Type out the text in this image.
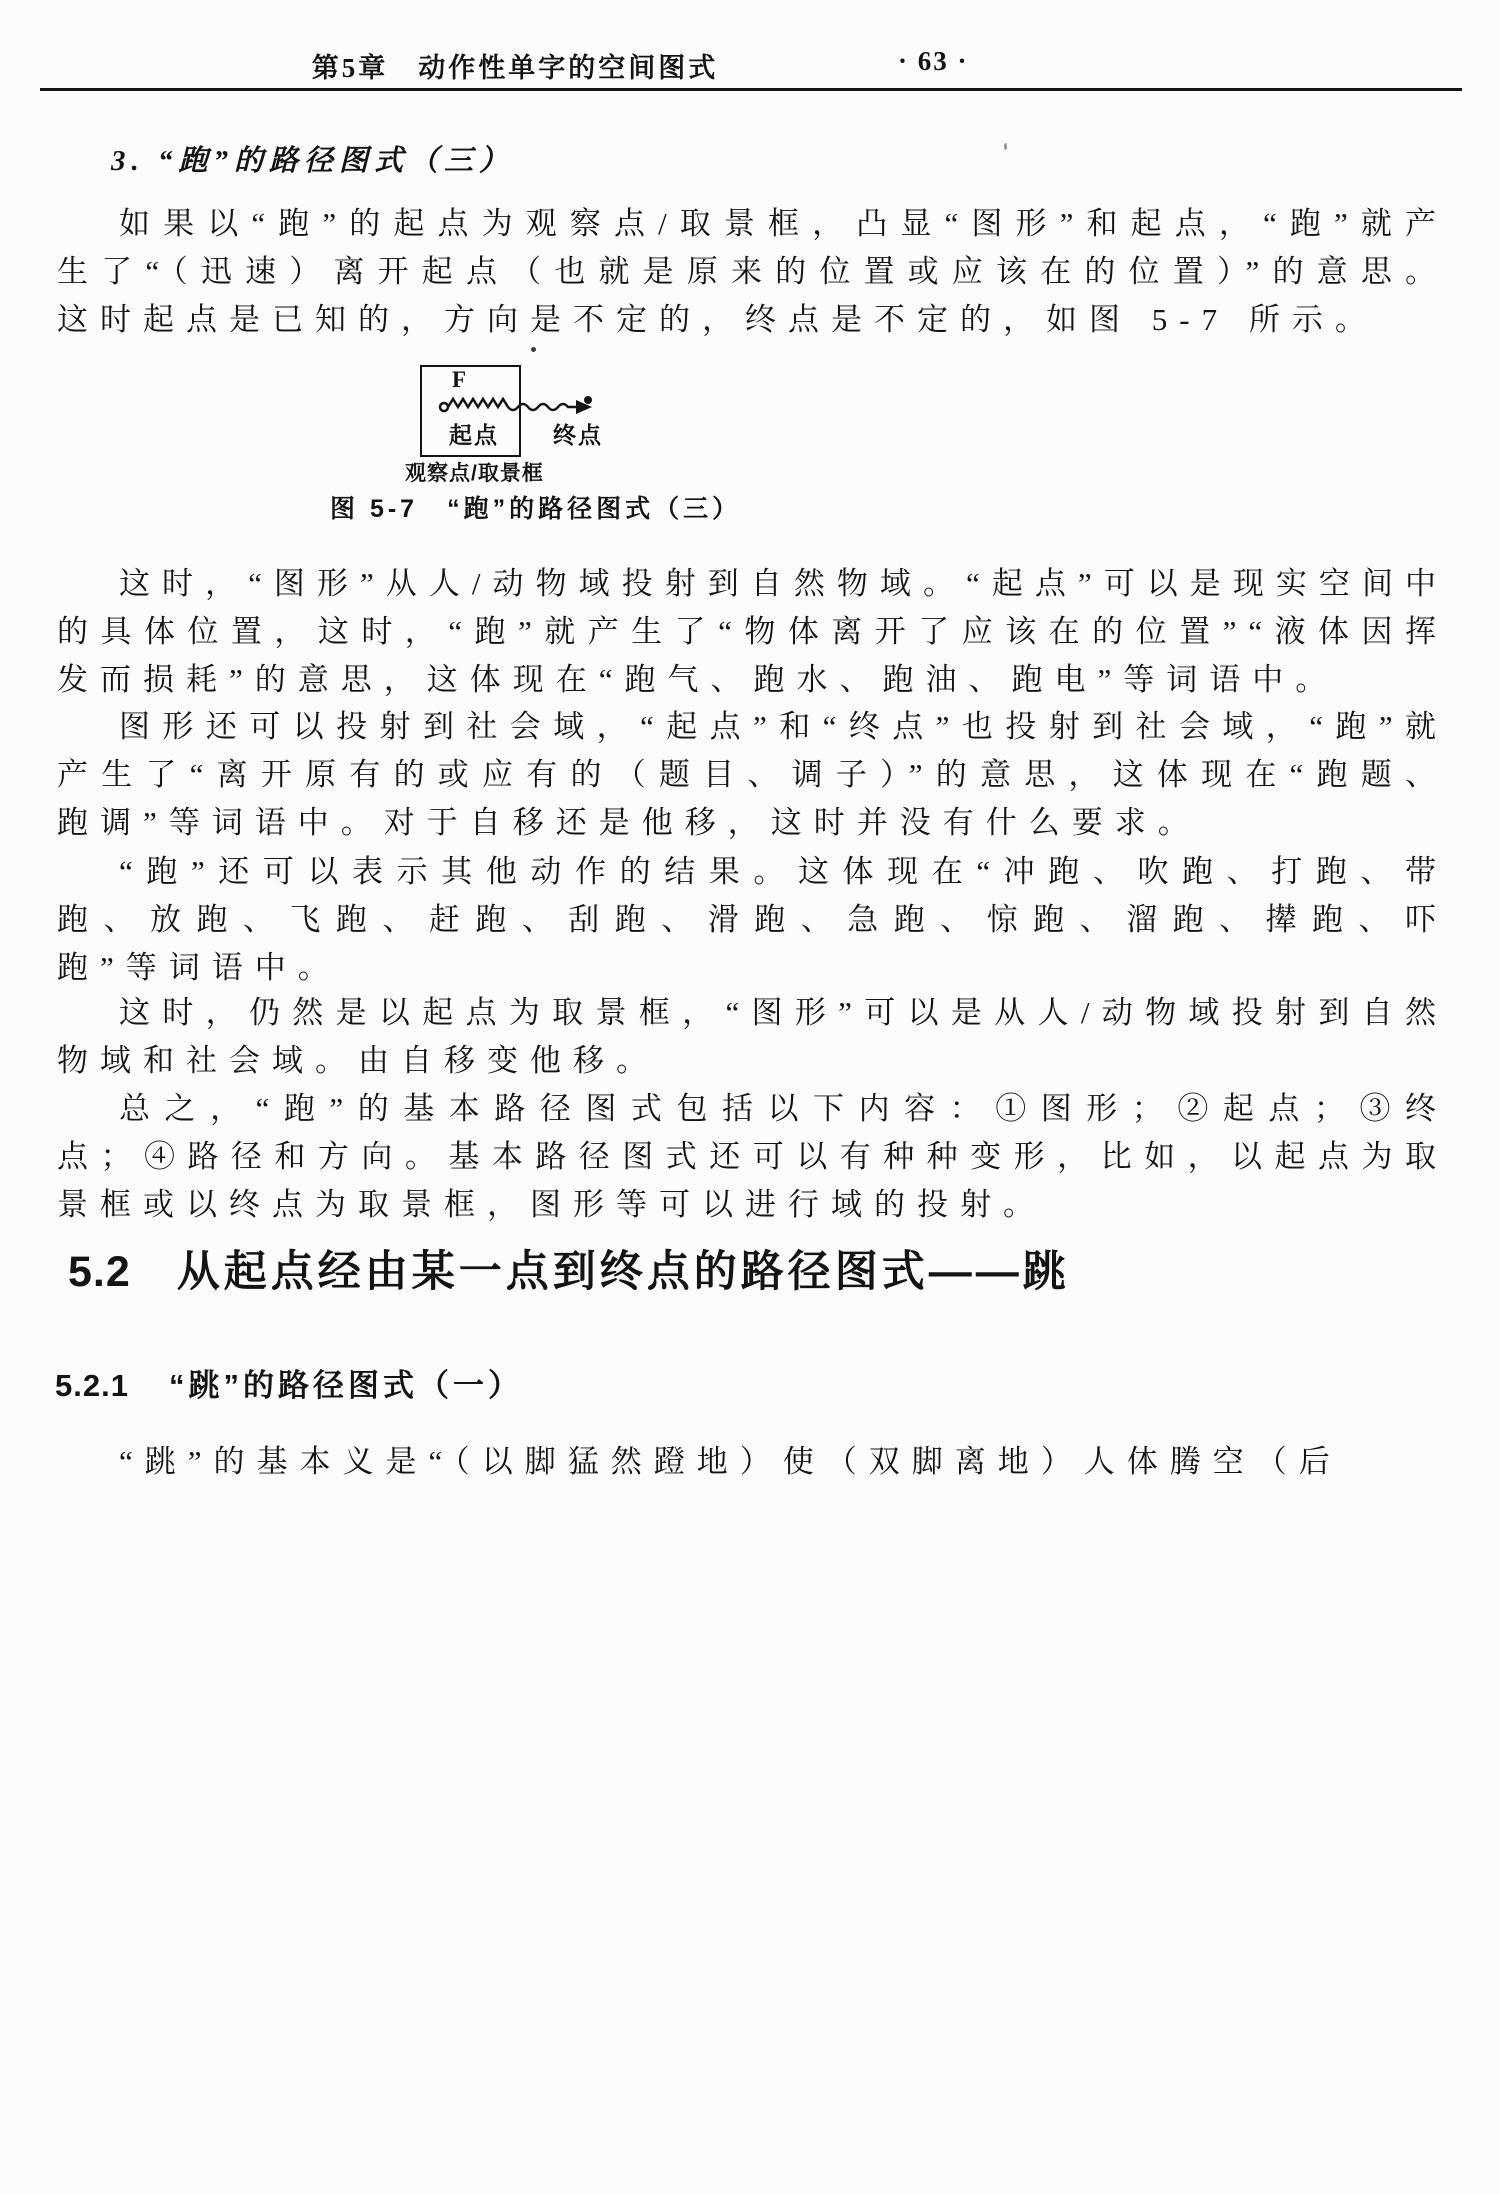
第5章　动作性单字的空间图式	· 63 ·
3. “跑”的路径图式（三）
如果以“跑”的起点为观察点/取景框，凸显“图形”和起点，“跑”就产生了“（迅速）离开起点（也就是原来的位置或应该在的位置）”的意思。这时起点是已知的，方向是不定的，终点是不定的，如图 5-7 所示。
F
起点 终点
观察点/取景框
图 5-7　“跑”的路径图式（三）
这时，“图形”从人/动物域投射到自然物域。“起点”可以是现实空间中的具体位置，这时，“跑”就产生了“物体离开了应该在的位置”“液体因挥发而损耗”的意思，这体现在“跑气、跑水、跑油、跑电”等词语中。
图形还可以投射到社会域，“起点”和“终点”也投射到社会域，“跑”就产生了“离开原有的或应有的（题目、调子）”的意思，这体现在“跑题、跑调”等词语中。对于自移还是他移，这时并没有什么要求。
“跑”还可以表示其他动作的结果。这体现在“冲跑、吹跑、打跑、带跑、放跑、飞跑、赶跑、刮跑、滑跑、急跑、惊跑、溜跑、撵跑、吓跑”等词语中。
这时，仍然是以起点为取景框，“图形”可以是从人/动物域投射到自然物域和社会域。由自移变他移。
总之，“跑”的基本路径图式包括以下内容：①图形；②起点；③终点；④路径和方向。基本路径图式还可以有种种变形，比如，以起点为取景框或以终点为取景框，图形等可以进行域的投射。
5.2 从起点经由某一点到终点的路径图式——跳
5.2.1 “跳”的路径图式（一）
“跳”的基本义是“（以脚猛然蹬地）使（双脚离地）人体腾空（后
